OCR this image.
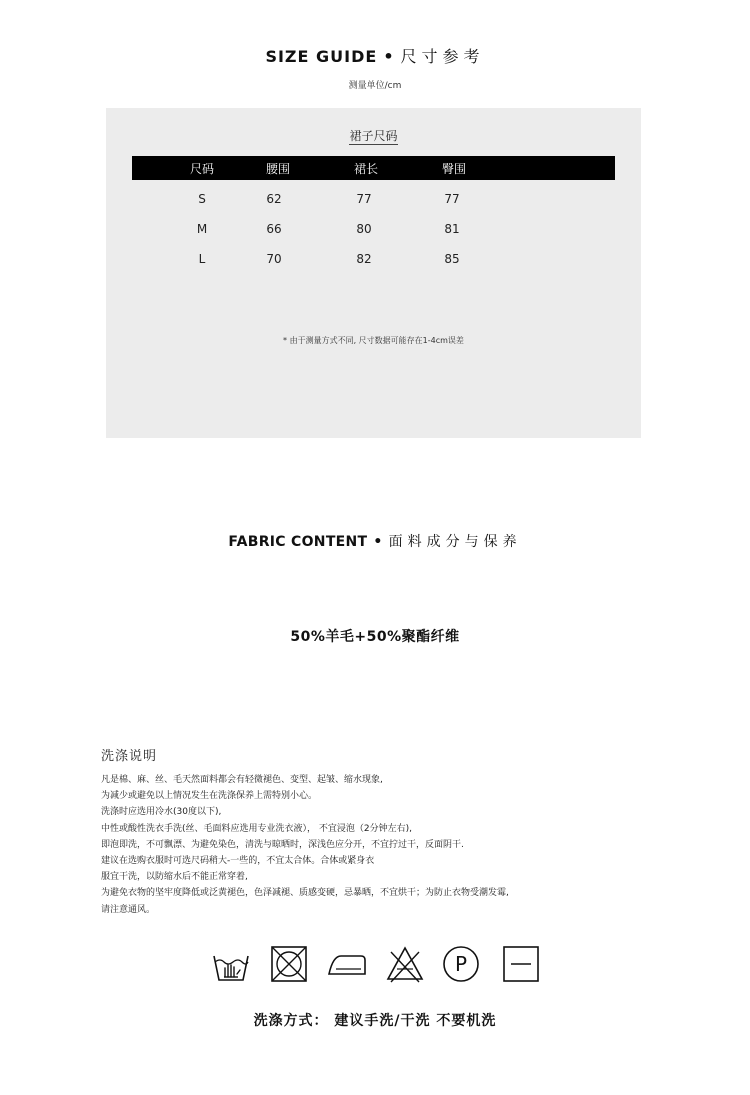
SIZE GUIDE • 尺寸参考
测量单位/cm
裙子尺码
尺码	腰围	裙长	臀围
S	62	77	77
M	66	80	81
L	70	82	85
* 由于测量方式不同, 尺寸数据可能存在1-4cm误差
FABRIC CONTENT • 面料成分与保养
50%羊毛+50%聚酯纤维
洗涤说明
凡是棉、麻、丝、毛天然面料都会有轻微褪色、变型、起皱、缩水现象,
为减少或避免以上情况发生在洗涤保养上需特别小心。
洗涤时应选用冷水(30度以下),
中性或酸性洗衣手洗(丝、毛面料应选用专业洗衣液）， 不宜浸泡（2分钟左右),
即泡即洗，不可飘漂、为避免染色，清洗与晾晒时，深浅色应分开，不宜拧过干，反面阴干.
建议在选购衣服时可选尺码稍大-一些的，不宜太合体。合体或紧身衣
服宜干洗，以防缩水后不能正常穿着,
为避免衣物的坚牢度降低或泛黄褪色，色泽减褪、质感变硬，忌暴晒，不宜烘干；为防止衣物受潮发霉,
请注意通风。
P
洗涤方式： 建议手洗/干洗 不要机洗
